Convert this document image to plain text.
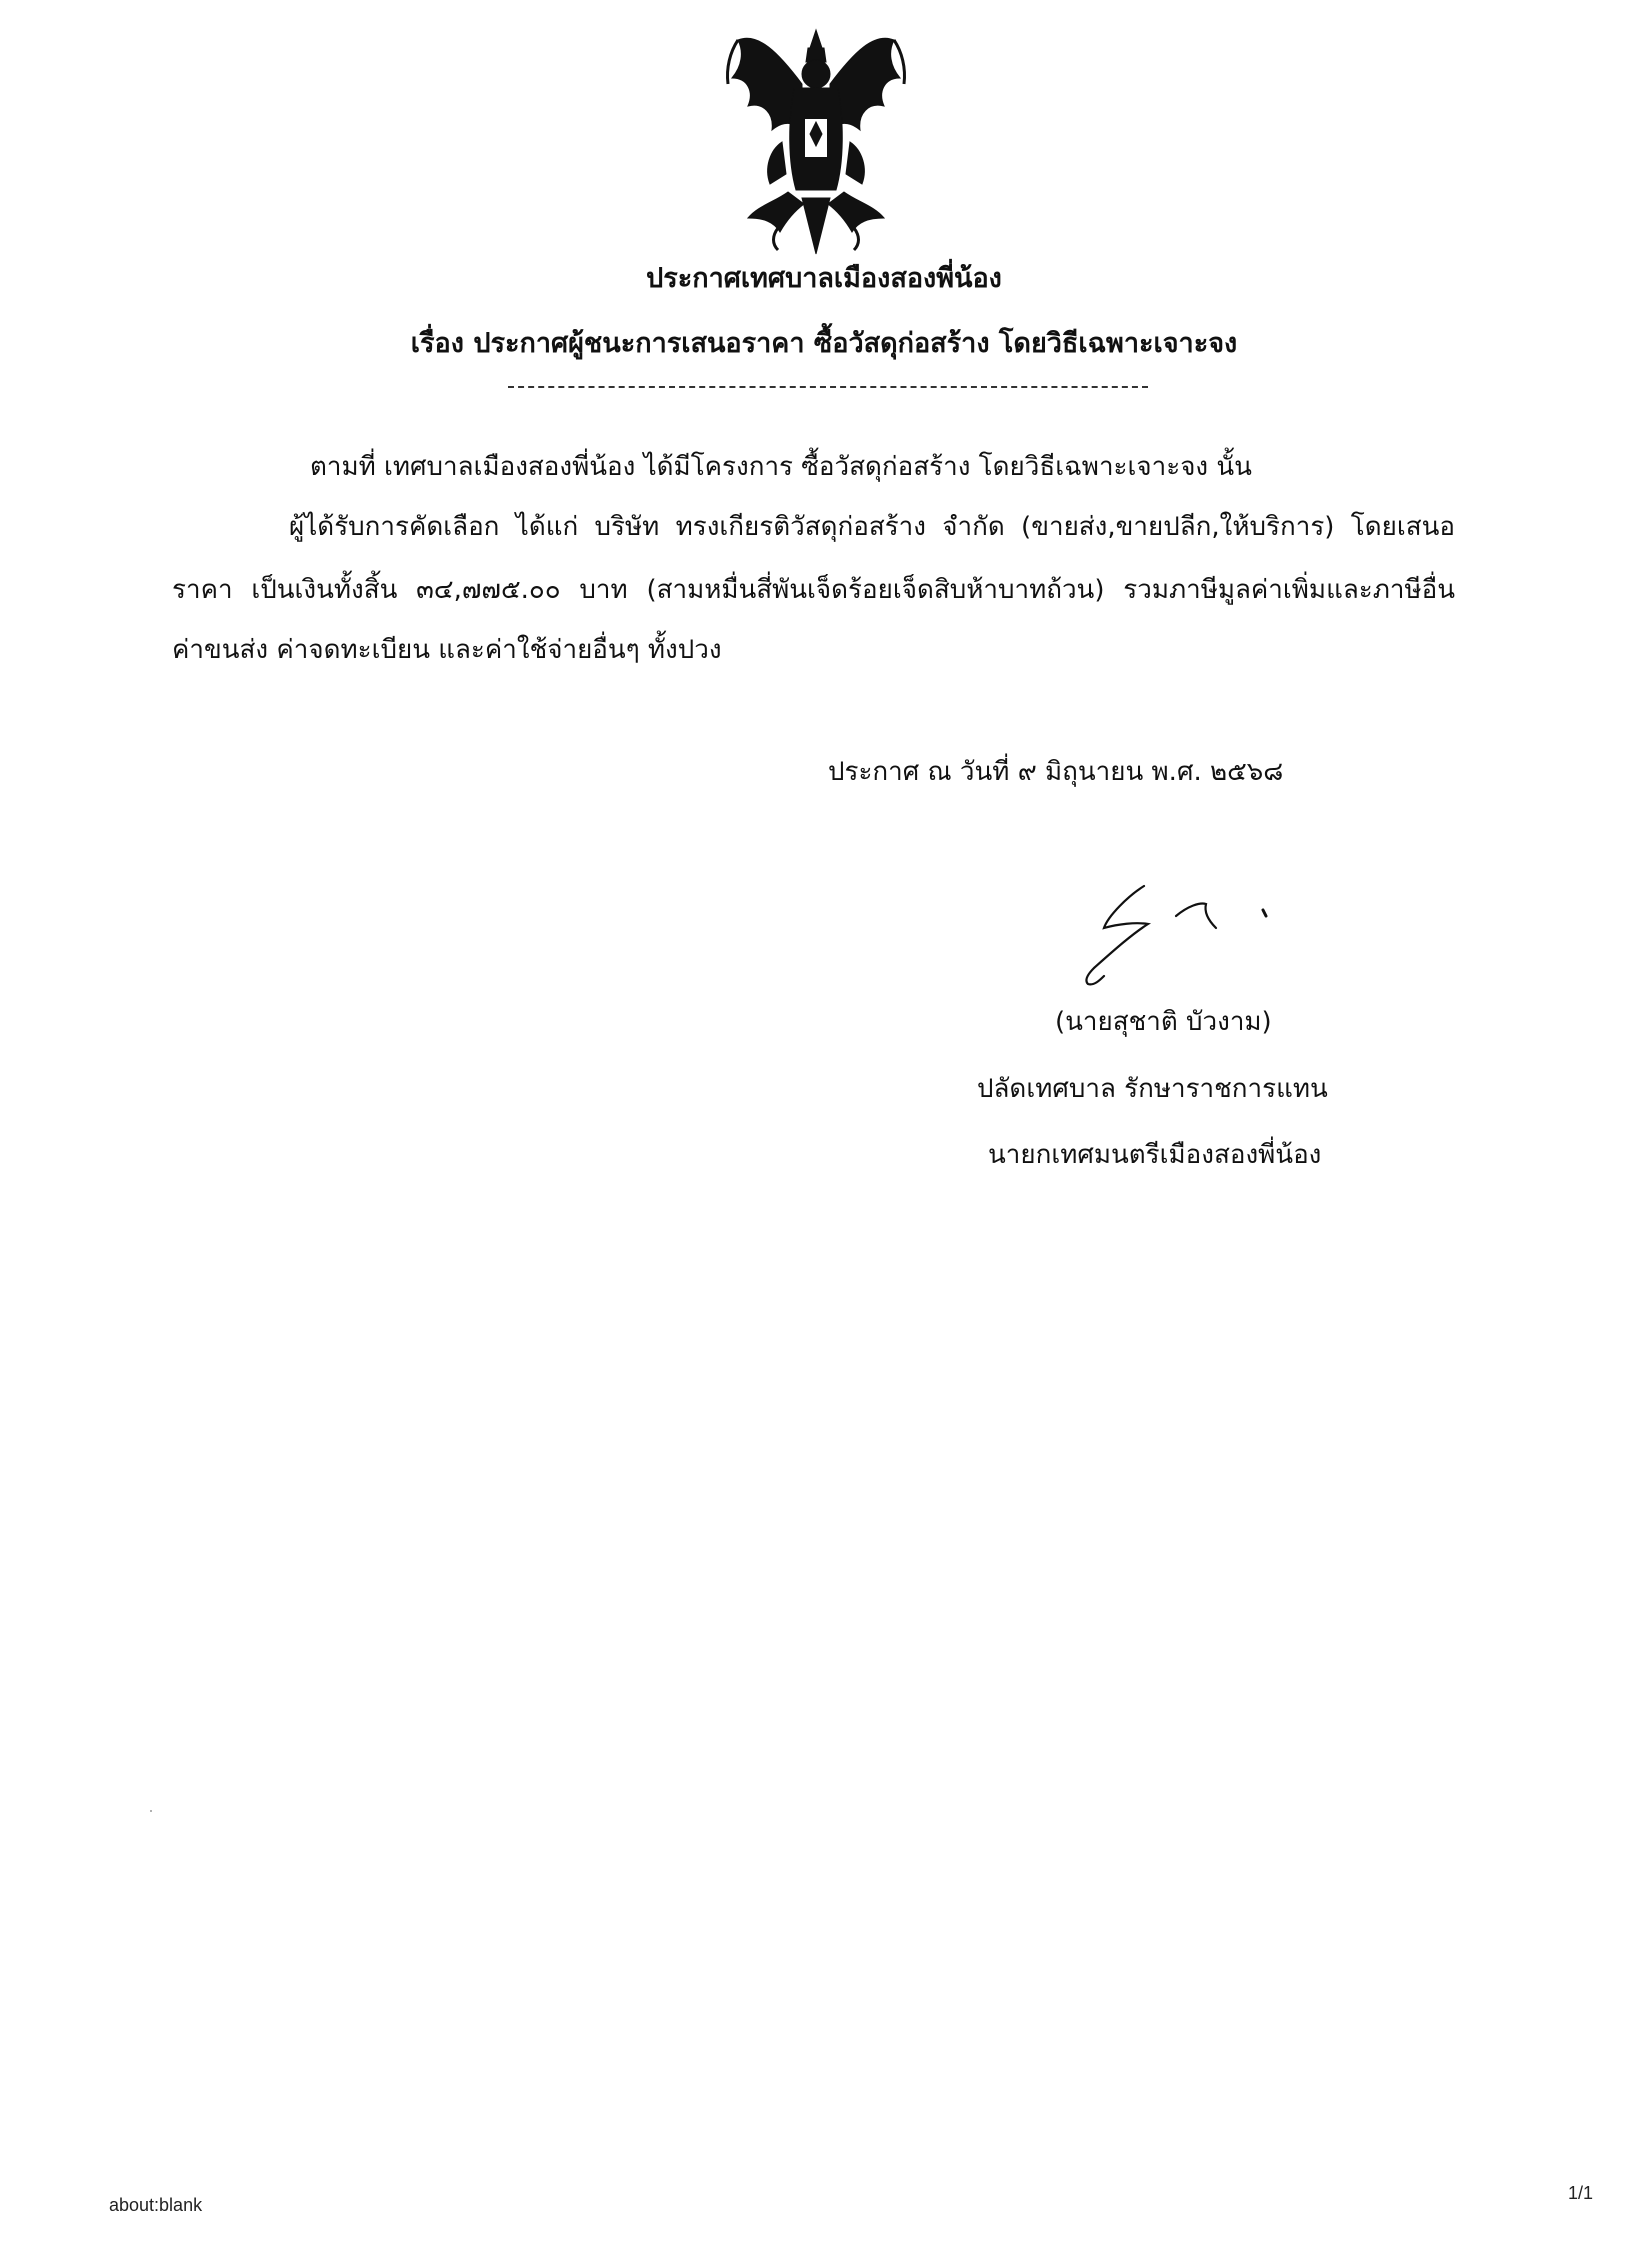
ประกาศเทศบาลเมืองสองพี่น้อง
เรื่อง ประกาศผู้ชนะการเสนอราคา ซื้อวัสดุก่อสร้าง โดยวิธีเฉพาะเจาะจง
ตามที่ เทศบาลเมืองสองพี่น้อง ได้มีโครงการ ซื้อวัสดุก่อสร้าง โดยวิธีเฉพาะเจาะจง นั้น
ผู้ได้รับการคัดเลือก ได้แก่ บริษัท ทรงเกียรติวัสดุก่อสร้าง จำกัด (ขายส่ง,ขายปลีก,ให้บริการ) โดยเสนอ
ราคา เป็นเงินทั้งสิ้น ๓๔,๗๗๕.๐๐ บาท (สามหมื่นสี่พันเจ็ดร้อยเจ็ดสิบห้าบาทถ้วน) รวมภาษีมูลค่าเพิ่มและภาษีอื่น
ค่าขนส่ง ค่าจดทะเบียน และค่าใช้จ่ายอื่นๆ ทั้งปวง
ประกาศ ณ วันที่ ๙ มิถุนายน พ.ศ. ๒๕๖๘
(นายสุชาติ บัวงาม)
ปลัดเทศบาล รักษาราชการแทน
นายกเทศมนตรีเมืองสองพี่น้อง
about:blank
1/1
